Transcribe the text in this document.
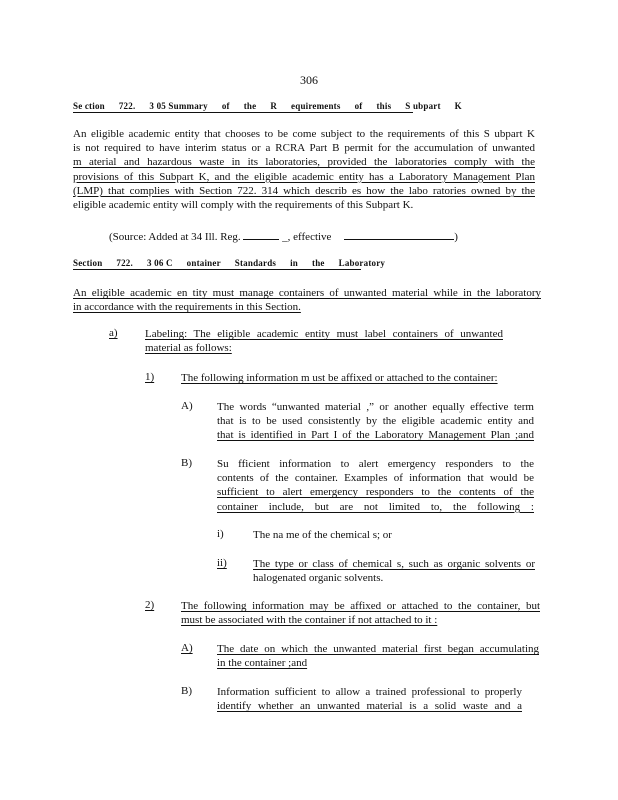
306
Se ction 722. 3 05 Summary of the R equirements of this S ubpart K

An eligible academic entity that chooses to be come subject to the requirements of this S ubpart K
is not required to have interim status or a RCRA Part B permit for the accumulation of unwanted
m aterial and hazardous waste in its laboratories, provided the laboratories comply with the
provisions of this Subpart K, and the eligible academic entity has a Laboratory Management Plan
(LMP) that complies with Section 722. 314 which describ es how the labo ratories owned by the
eligible academic entity will comply with the requirements of this Subpart K.

(Source: Added at 34 Ill. Reg.	_, effective	)
Section 722. 3 06 C ontainer Standards in the Laboratory

An eligible academic en tity must manage containers of unwanted material while in the laboratory
in accordance with the requirements in this Section.

a) Labeling: The eligible academic entity must label containers of unwanted
material as follows:

1) The following information m ust be affixed or attached to the container:

A) The words “unwanted material ,” or another equally effective term
that is to be used consistently by the eligible academic entity and
that is identified in Part I of the Laboratory Management Plan ;and

B) Su fficient information to alert emergency responders to the
contents of the container. Examples of information that would be
sufficient to alert emergency responders to the contents of the
container include, but are not limited to, the following :

i)	The na me of the chemical s; or

ii) The type or class of chemical s, such as organic solvents or
halogenated organic solvents.

2) The following information may be affixed or attached to the container, but
must be associated with the container if not attached to it :

A) The date on which the unwanted material first began accumulating
in the container ;and

B) Information sufficient to allow a trained professional to properly
identify whether an unwanted material is a solid waste and a
